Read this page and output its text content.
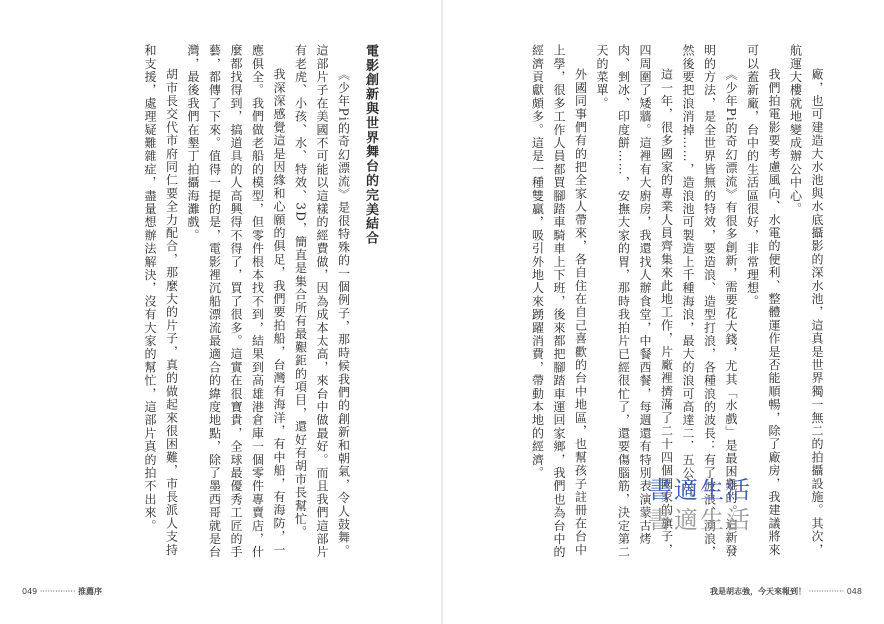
廠，也可建造大水池與水底攝影的深水池，這真是世界獨一無二的拍攝設施。其次，航運大樓就地變成辦公中心。

我們拍電影要考慮風向、水電的便利、整體運作是否能順暢，除了廠房，我建議將來可以蓋新廠，台中的生活區很好，非常理想。

《少年Pi的奇幻漂流》有很多創新，需要花大錢，尤其「水戲」是最困難的。這新發明的方法，是全世界皆無的特效，要造浪、造型打浪，各種浪的波長：有了波浪、湧浪，然後要把浪消掉……，造浪池可製造上千種海浪，最大的浪可高達二．五公尺。

這一年，很多國家的專業人員齊集來此地工作，片廠裡擠滿了二十四個國家的旗子，四周圍了矮牆。這裡有大廚房，我還找人辦食堂，中餐西餐，每週還有特別表演蒙古烤肉、剉冰、印度餅……，安撫大家的胃，那時我拍片已經很忙了，還要傷腦筋，決定第二天的菜單。

外國同事們有的把全家人帶來，各自住在自己喜歡的台中地區，也幫孩子註冊在台中上學，很多工作人員都買腳踏車騎車上下班，後來都把腳踏車運回家鄉，我們也為台中的經濟貢獻頗多。這是一種雙贏，吸引外地人來踴躍消費，帶動本地的經濟。

電影創新與世界舞台的完美結合

《少年Pi的奇幻漂流》是很特殊的一個例子，那時候我們的創新和朝氣，令人鼓舞。這部片子在美國不可能以這樣的經費做，因為成本太高，來台中做最好。而且我們這部片有老虎、小孩、水、特效、3D，簡直是集合所有最艱鉅的項目，還好有胡市長幫忙。

我深深感覺這是因緣和心願的俱足，我們要拍船，台灣有海洋，有中船，有海防，一應俱全。我們做老船的模型，但零件根本找不到，結果到高雄港倉庫一個零件專賣店，什麼都找得到，搞道具的人高興得不得了，買了很多。這實在很寶貴，全球最優秀工匠的手藝，都傳了下來。值得一提的是，電影裡沉船漂流最適合的緯度地點，除了墨西哥就是台灣，最後我們在墾丁拍攝海灘戲。

胡市長交代市府同仁要全力配合，那麼大的片子，真的做起來很困難，市長派人支持和支援，處理疑難雜症，盡量想辦法解決，沒有大家的幫忙，這部片真的拍不出來。

049 ·············· 推薦序	我是胡志強，今天來報到！ ·············· 048
書適生活
書適生活
